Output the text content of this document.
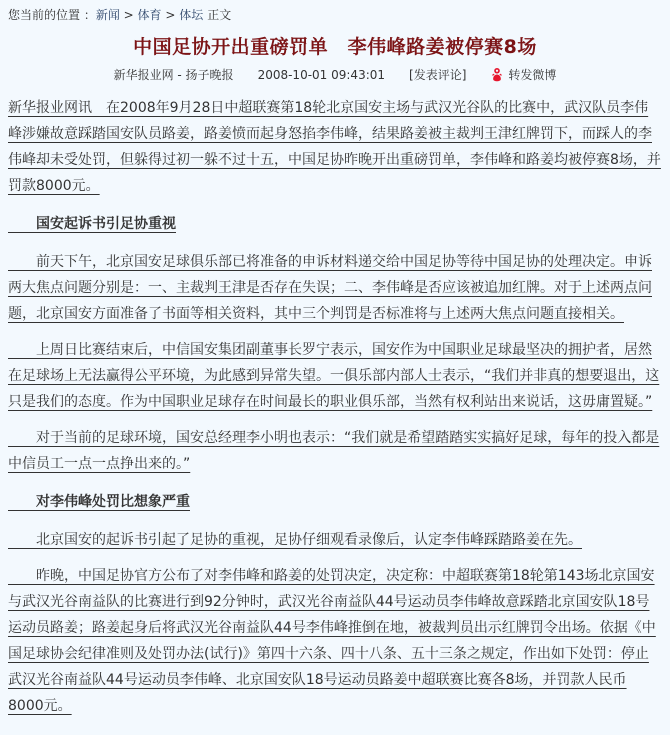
您当前的位置 ：新闻 > 体育 > 体坛 正文
中国足协开出重磅罚单　李伟峰路姜被停赛8场
新华报业网 - 扬子晚报 2008-10-01 09:43:01 [发表评论]	转发微博

新华报业网讯　在2008年9月28日中超联赛第18轮北京国安主场与武汉光谷队的比赛中，武汉队员李伟峰涉嫌故意踩踏国安队员路姜，路姜愤而起身怒掐李伟峰，结果路姜被主裁判王津红牌罚下，而踩人的李伟峰却未受处罚，但躲得过初一躲不过十五，中国足协昨晚开出重磅罚单，李伟峰和路姜均被停赛8场，并罚款8000元。

　　国安起诉书引足协重视

　　前天下午，北京国安足球俱乐部已将准备的申诉材料递交给中国足协等待中国足协的处理决定。申诉两大焦点问题分别是：一、主裁判王津是否存在失误；二、李伟峰是否应该被追加红牌。对于上述两点问题，北京国安方面准备了书面等相关资料，其中三个判罚是否标准将与上述两大焦点问题直接相关。

　　上周日比赛结束后，中信国安集团副董事长罗宁表示，国安作为中国职业足球最坚决的拥护者，居然在足球场上无法赢得公平环境，为此感到异常失望。一俱乐部内部人士表示，“我们并非真的想要退出，这只是我们的态度。作为中国职业足球存在时间最长的职业俱乐部，当然有权利站出来说话，这毋庸置疑。”

　　对于当前的足球环境，国安总经理李小明也表示：“我们就是希望踏踏实实搞好足球，每年的投入都是中信员工一点一点挣出来的。”

　　对李伟峰处罚比想象严重

　　北京国安的起诉书引起了足协的重视，足协仔细观看录像后，认定李伟峰踩踏路姜在先。

　　昨晚，中国足协官方公布了对李伟峰和路姜的处罚决定，决定称：中超联赛第18轮第143场北京国安与武汉光谷南益队的比赛进行到92分钟时，武汉光谷南益队44号运动员李伟峰故意踩踏北京国安队18号运动员路姜；路姜起身后将武汉光谷南益队44号李伟峰推倒在地，被裁判员出示红牌罚令出场。依据《中国足球协会纪律准则及处罚办法(试行)》第四十六条、四十八条、五十三条之规定，作出如下处罚：停止武汉光谷南益队44号运动员李伟峰、北京国安队18号运动员路姜中超联赛比赛各8场，并罚款人民币8000元。
